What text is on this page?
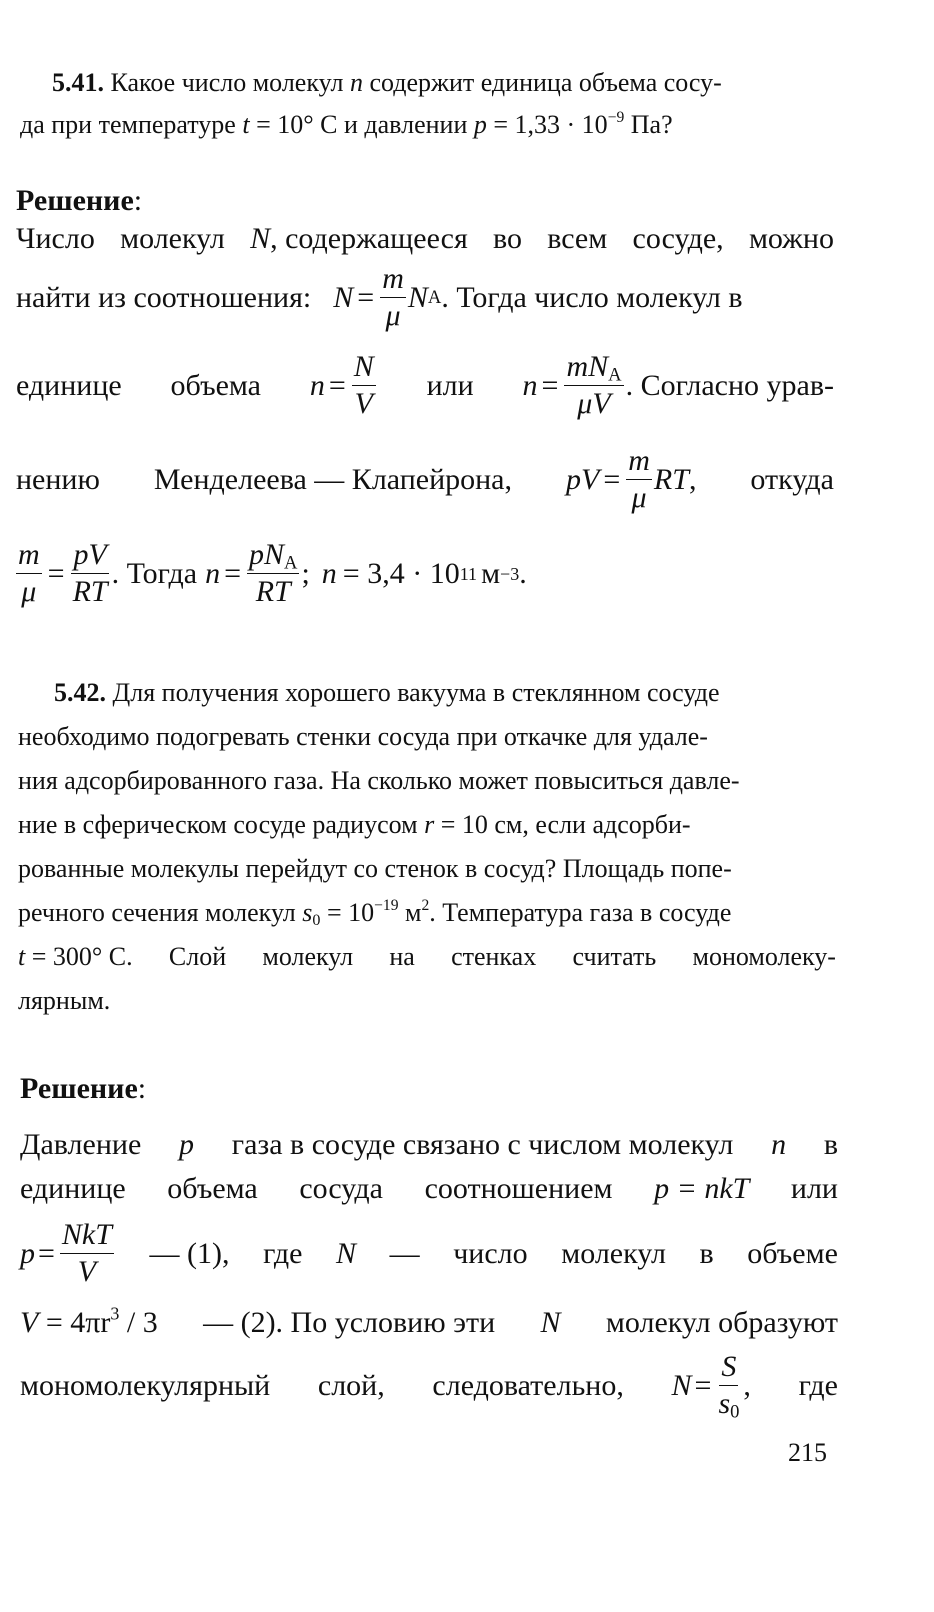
5.41. Какое число молекул n содержит единица объема сосу-
да при температуре t = 10° C и давлении $p = 1,33 \cdot 10^{-9}$ Па?
Решение:
Число молекул N, содержащееся во всем сосуде, можно
найти из соотношения: $N = \frac{m}{\mu}$ N A . Тогда число молекул в
единице объема $n = \frac{N}{V}$ или $n = \frac{mN_A}{\mu V}$ . Согласно урав-
нению Менделеева — Клапейрона, pV = $\frac{m}{\mu}$ RT , откуда
$\frac{m}{\mu} = \frac{pV}{RT}$ . Тогда $n = \frac{pN_A}{RT}$ ; n = 3,4 · 10 11 м −3 .
5.42. Для получения хорошего вакуума в стеклянном сосуде
необходимо подогревать стенки сосуда при откачке для удале-
ния адсорбированного газа. На сколько может повыситься давле-
ние в сферическом сосуде радиусом r = 10 см, если адсорби-
рованные молекулы перейдут со стенок в сосуд? Площадь попе-
речного сечения молекул $s_0 = 10^{-19}$ $м^2$. Температура газа в сосуде
t = 300° C. Слой молекул на стенках считать мономолеку-
лярным.
Решение:
Давление p газа в сосуде связано с числом молекул n в
единице объема сосуда соотношением p = nkT или
$p = \frac{\text{NkT}}{V}$ — (1), где N — число молекул в объеме
$V = 4\pi r^3 / 3$ — (2). По условию эти N молекул образуют
мономолекулярный слой, следовательно, $N = \frac{S}{s_0}$ , где
215
